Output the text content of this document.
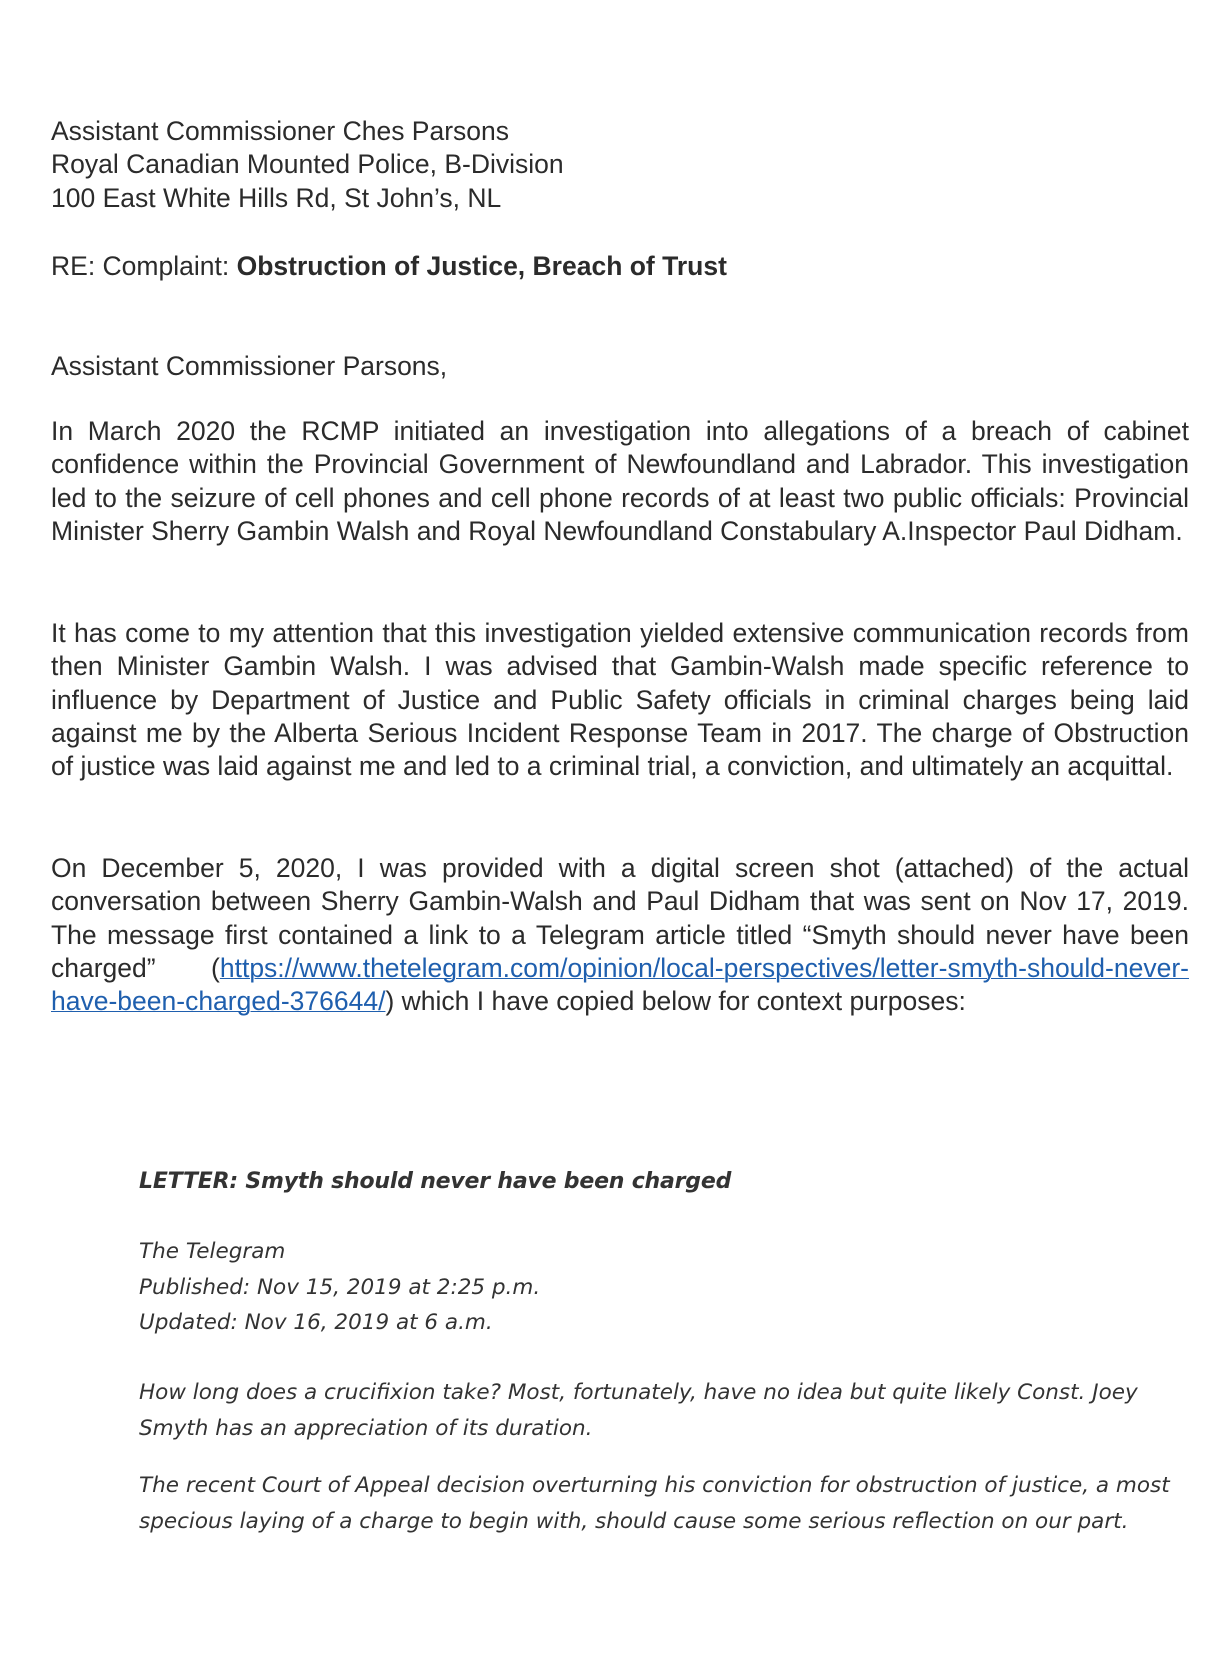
Assistant Commissioner Ches Parsons
Royal Canadian Mounted Police, B-Division
100 East White Hills Rd, St John’s, NL
RE: Complaint: Obstruction of Justice, Breach of Trust
Assistant Commissioner Parsons,

In March 2020 the RCMP initiated an investigation into allegations of a breach of cabinet confidence within the Provincial Government of Newfoundland and Labrador. This investigation led to the seizure of cell phones and cell phone records of at least two public officials: Provincial Minister Sherry Gambin Walsh and Royal Newfoundland Constabulary A.Inspector Paul Didham.

It has come to my attention that this investigation yielded extensive communication records from then Minister Gambin Walsh. I was advised that Gambin-Walsh made specific reference to influence by Department of Justice and Public Safety officials in criminal charges being laid against me by the Alberta Serious Incident Response Team in 2017. The charge of Obstruction of justice was laid against me and led to a criminal trial, a conviction, and ultimately an acquittal.

On December 5, 2020, I was provided with a digital screen shot (attached) of the actual conversation between Sherry Gambin-Walsh and Paul Didham that was sent on Nov 17, 2019. The message first contained a link to a Telegram article titled “Smyth should never have been charged” (https://www.thetelegram.com/opinion/local-perspectives/letter-smyth-should-never-have-been-charged-376644/) which I have copied below for context purposes:

LETTER: Smyth should never have been charged
The Telegram
Published: Nov 15, 2019 at 2:25 p.m.
Updated: Nov 16, 2019 at 6 a.m.
How long does a crucifixion take? Most, fortunately, have no idea but quite likely Const. Joey Smyth has an appreciation of its duration.
The recent Court of Appeal decision overturning his conviction for obstruction of justice, a most specious laying of a charge to begin with, should cause some serious reflection on our part.
